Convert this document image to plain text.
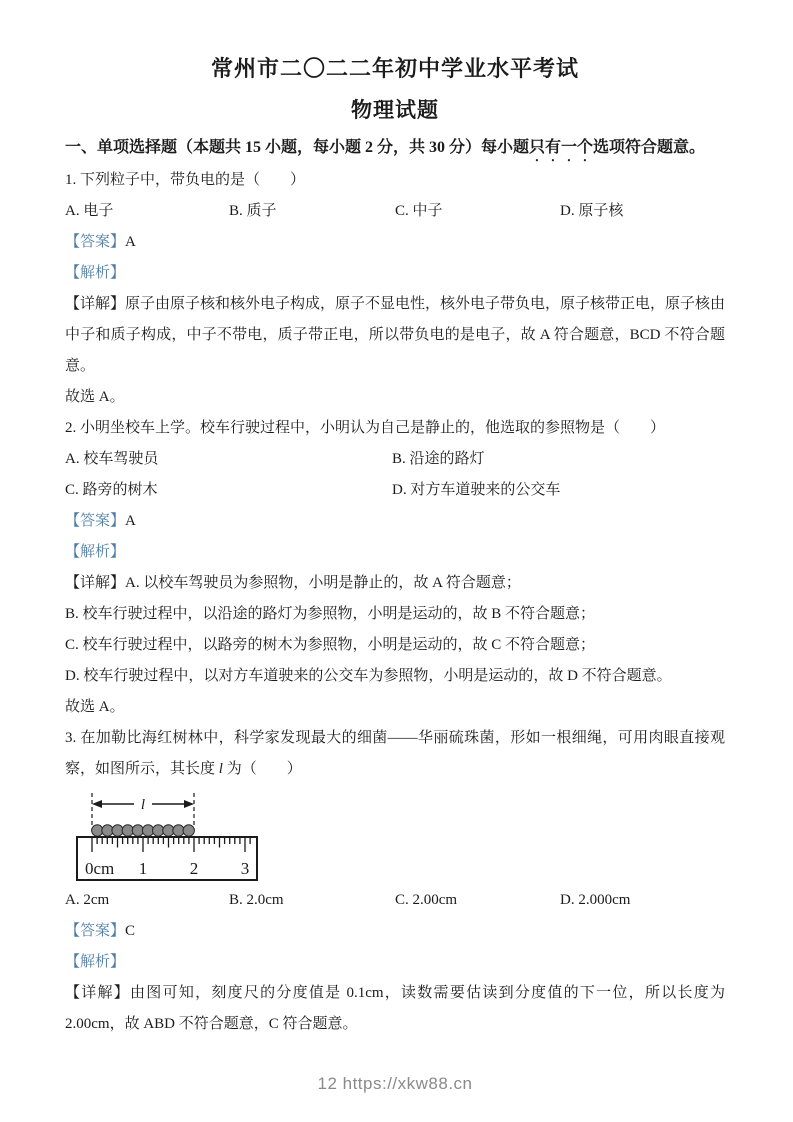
常州市二〇二二年初中学业水平考试
物理试题

一、单项选择题（本题共 15 小题，每小题 2 分，共 30 分）每小题只有一个选项符合题意。

1. 下列粒子中，带负电的是（　　）

A. 电子	B. 质子	C. 中子	D. 原子核

【答案】A

【解析】

【详解】原子由原子核和核外电子构成，原子不显电性，核外电子带负电，原子核带正电，原子核由中子和质子构成，中子不带电，质子带正电，所以带负电的是电子，故 A 符合题意，BCD 不符合题意。

故选 A。

2. 小明坐校车上学。校车行驶过程中，小明认为自己是静止的，他选取的参照物是（　　）

A. 校车驾驶员	B. 沿途的路灯
C. 路旁的树木	D. 对方车道驶来的公交车

【答案】A

【解析】

【详解】A. 以校车驾驶员为参照物，小明是静止的，故 A 符合题意；

B. 校车行驶过程中，以沿途的路灯为参照物，小明是运动的，故 B 不符合题意；

C. 校车行驶过程中，以路旁的树木为参照物，小明是运动的，故 C 不符合题意；

D. 校车行驶过程中，以对方车道驶来的公交车为参照物，小明是运动的，故 D 不符合题意。

故选 A。

3. 在加勒比海红树林中，科学家发现最大的细菌——华丽硫珠菌，形如一根细绳，可用肉眼直接观察，如图所示，其长度 l 为（　　）

l
0cm 1	2	3
A. 2cm	B. 2.0cm	C. 2.00cm	D. 2.000cm

【答案】C

【解析】

【详解】由图可知，刻度尺的分度值是 0.1cm，读数需要估读到分度值的下一位，所以长度为 2.00cm，故 ABD 不符合题意，C 符合题意。

12 https://xkw88.cn
